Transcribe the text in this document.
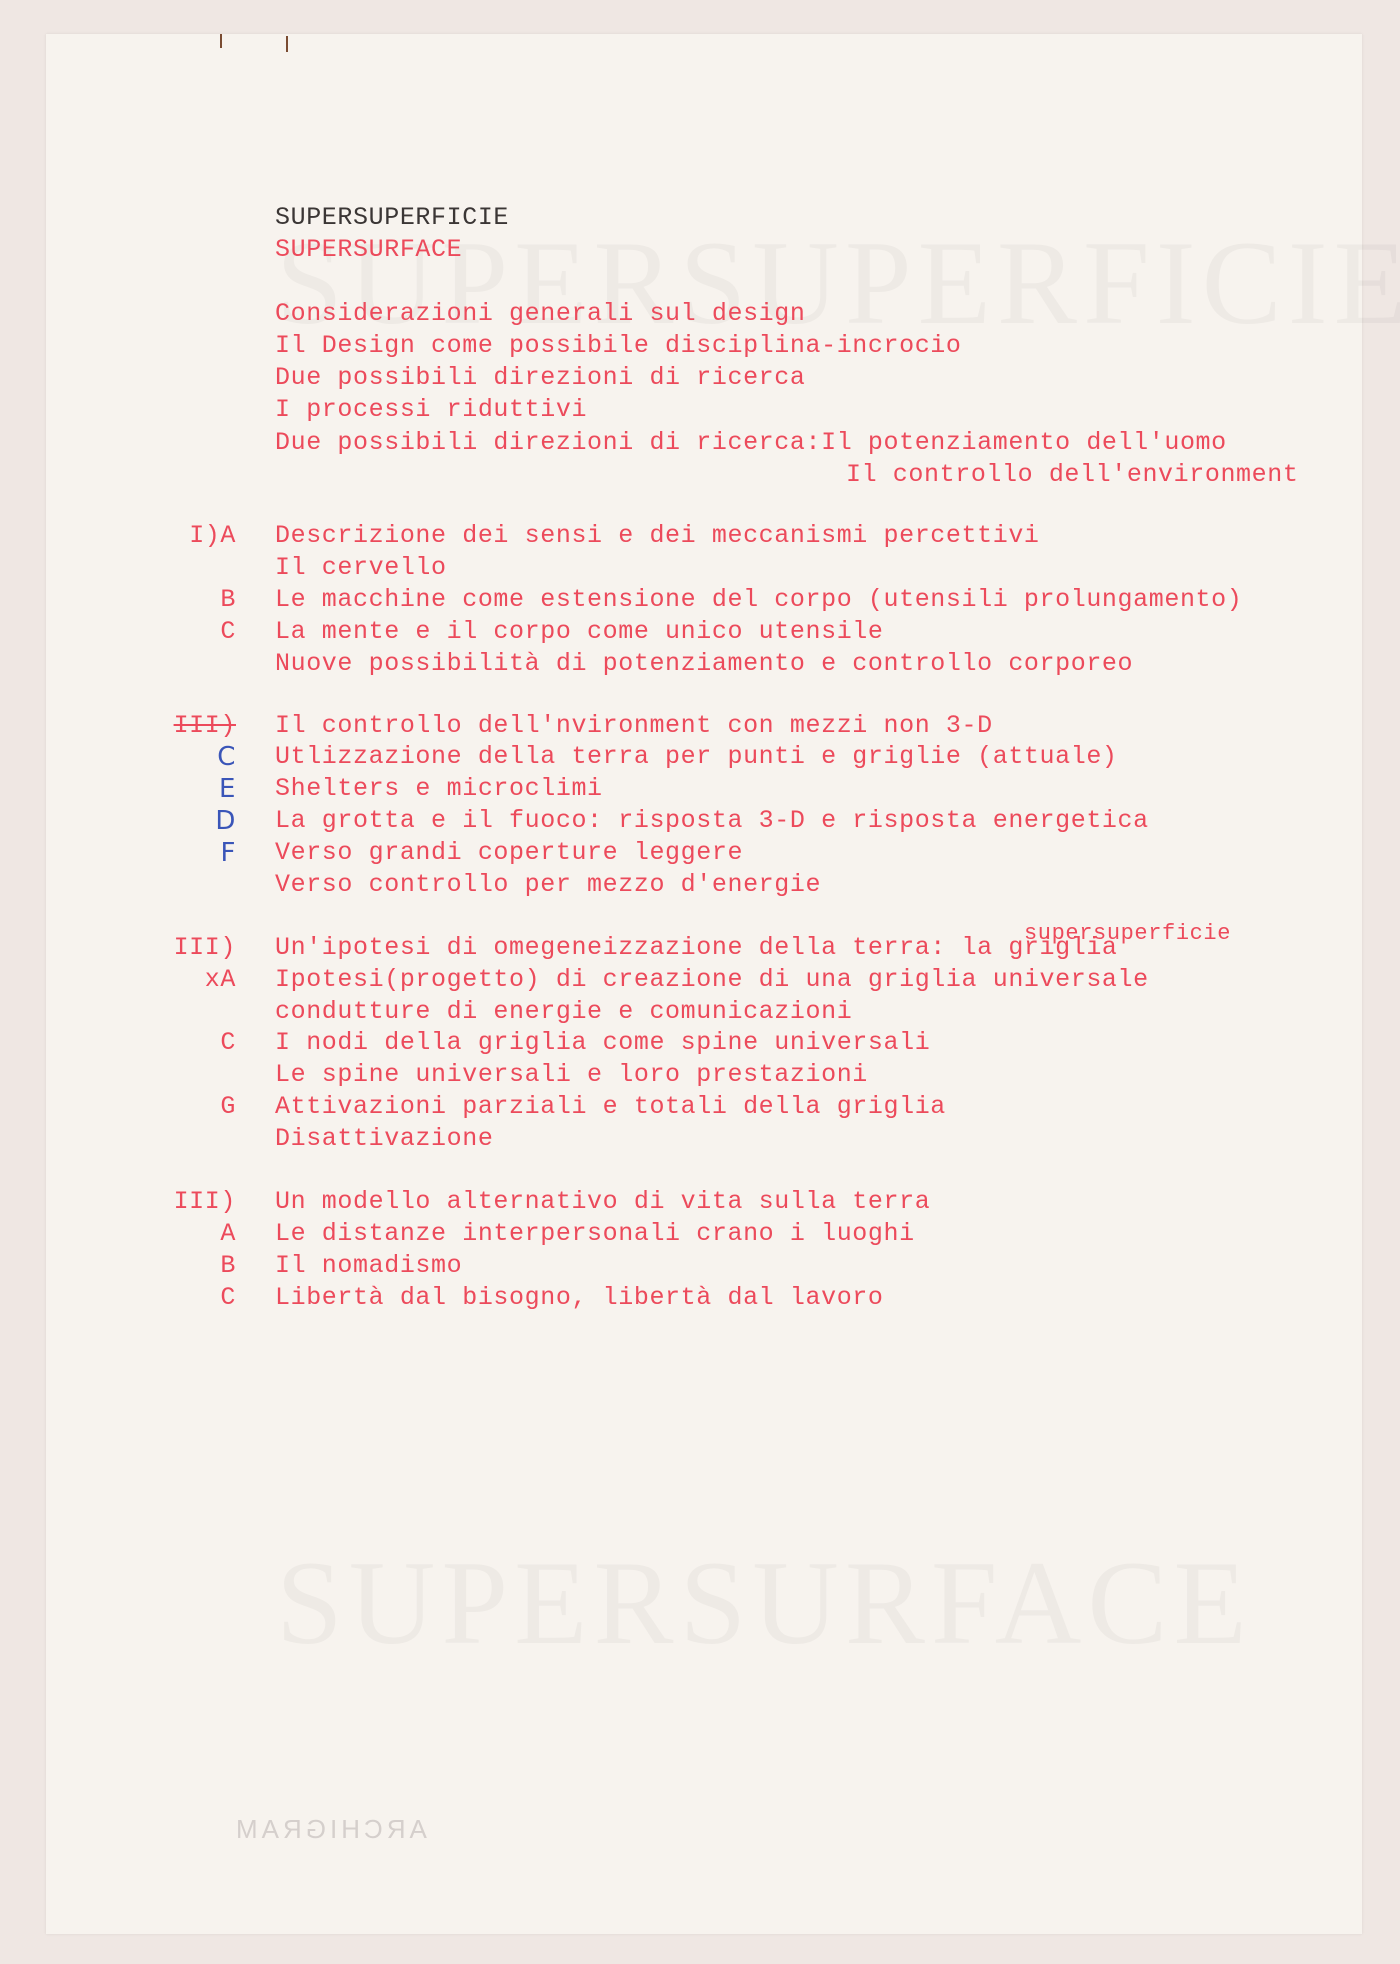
SUPERSUPERFICIE
SUPERSURFACE
Considerazioni generali sul design
Il Design come possibile disciplina-incrocio
Due possibili direzioni di ricerca
I processi riduttivi
Due possibili direzioni di ricerca:Il potenziamento dell'uomo
Il controllo dell'environment
I)A Descrizione dei sensi e dei meccanismi percettivi
Il cervello
B Le macchine come estensione del corpo (utensili prolungamento)
C La mente e il corpo come unico utensile
Nuove possibilità di potenziamento e controllo corporeo
III) Il controllo dell'nvironment con mezzi non 3-D
C Utlizzazione della terra per punti e griglie (attuale)
E Shelters e microclimi
D La grotta e il fuoco: risposta 3-D e risposta energetica
F Verso grandi coperture leggere
Verso controllo per mezzo d'energie
supersuperficie
III) Un'ipotesi di omegeneizzazione della terra: la griglia
xA Ipotesi(progetto) di creazione di una griglia universale
condutture di energie e comunicazioni
C I nodi della griglia come spine universali
Le spine universali e loro prestazioni
G Attivazioni parziali e totali della griglia
Disattivazione
III) Un modello alternativo di vita sulla terra
A Le distanze interpersonali crano i luoghi
B Il nomadismo
C Libertà dal bisogno, libertà dal lavoro
ARCHIGRAM
